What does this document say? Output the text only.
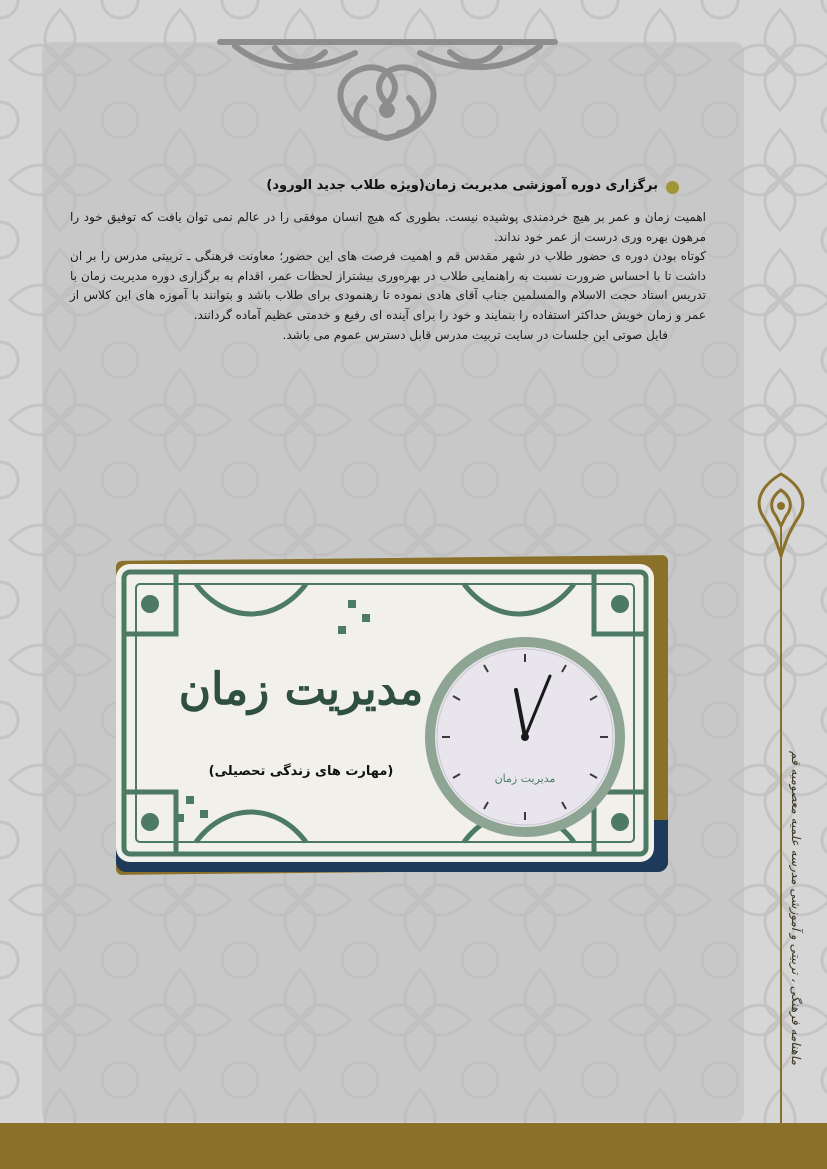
برگزاری دوره آموزشی مدیریت زمان(ویژه طلاب جدید الورود)

اهمیت زمان و عمر بر هیچ خردمندی پوشیده نیست. بطوری که هیچ انسان موفقی را در عالم نمی توان یافت که توفیق خود را مرهون بهره وری درست از عمر خود نداند.

کوتاه بودن دوره ی حضور طلاب در شهر مقدس قم و اهمیت فرصت های این حضور؛ معاونت فرهنگی ـ تربیتی مدرس را بر ان داشت تا با احساس ضرورت نسبت به راهنمایی طلاب در بهره‌وری بیشتراز لحظات عمر، اقدام به برگزاری دوره مدیریت زمان با تدریس استاد حجت الاسلام والمسلمین جناب آقای هادی نموده تا رهنمودی برای طلاب باشد و بتوانند با آموزه های این کلاس از عمر و زمان خویش حداکثر استفاده را بنمایند و خود را برای آینده ای رفیع و خدمتی عظیم آماده گردانند.

فایل صوتی این جلسات در سایت تربیت مدرس قابل دسترس عموم می باشد.

مدیریت زمان
(مهارت های زندگی تحصیلی)	مدیریت زمان	ماهنامه فرهنگی ، تربیتی و آموزشی مدرسه علمیه معصومیه قم
